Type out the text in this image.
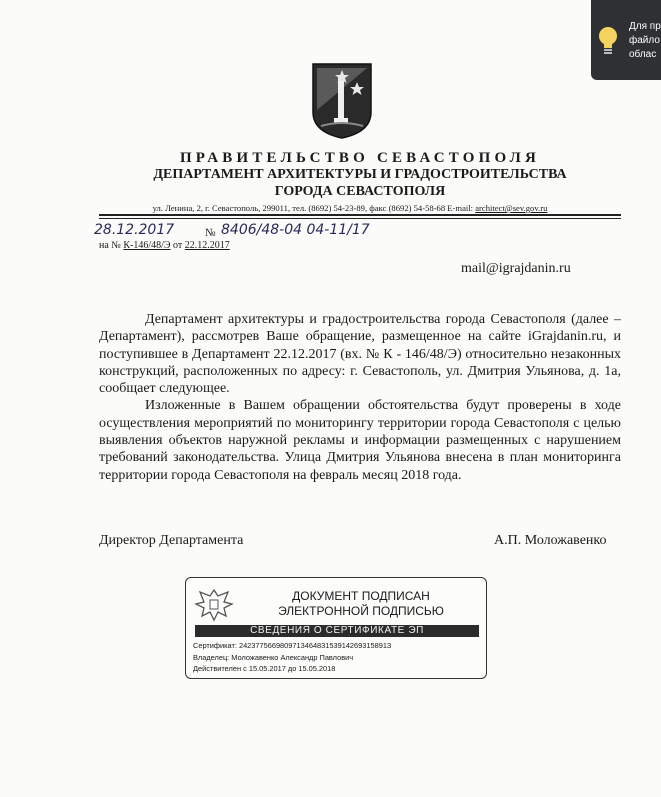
Для пр
файло
облас
ПРАВИТЕЛЬСТВО СЕВАСТОПОЛЯ
ДЕПАРТАМЕНТ АРХИТЕКТУРЫ И ГРАДОСТРОИТЕЛЬСТВА
ГОРОДА СЕВАСТОПОЛЯ
ул. Ленина, 2, г. Севастополь, 299011, тел. (8692) 54-23-89, факс (8692) 54-58-68 E-mail: architect@sev.gov.ru
28.12.2017	№ 8406/48-04 04-11/17
на № К-146/48/Э от 22.12.2017
mail@igrajdanin.ru

Департамент архитектуры и градостроительства города Севастополя (далее – Департамент), рассмотрев Ваше обращение, размещенное на сайте iGrajdanin.ru, и поступившее в Департамент 22.12.2017 (вх. № К - 146/48/Э) относительно незаконных конструкций, расположенных по адресу: г. Севастополь, ул. Дмитрия Ульянова, д. 1а, сообщает следующее.

Изложенные в Вашем обращении обстоятельства будут проверены в ходе осуществления мероприятий по мониторингу территории города Севастополя с целью выявления объектов наружной рекламы и информации размещенных с нарушением требований законодательства. Улица Дмитрия Ульянова внесена в план мониторинга территории города Севастополя на февраль месяц 2018 года.

Директор Департамента	А.П. Моложавенко
ДОКУМЕНТ ПОДПИСАН
ЭЛЕКТРОННОЙ ПОДПИСЬЮ
СВЕДЕНИЯ О СЕРТИФИКАТЕ ЭП
Сертификат: 242377566980971346483153914269315891З
Владелец: Моложавенко Александр Павлович
Действителен с 15.05.2017 до 15.05.2018
